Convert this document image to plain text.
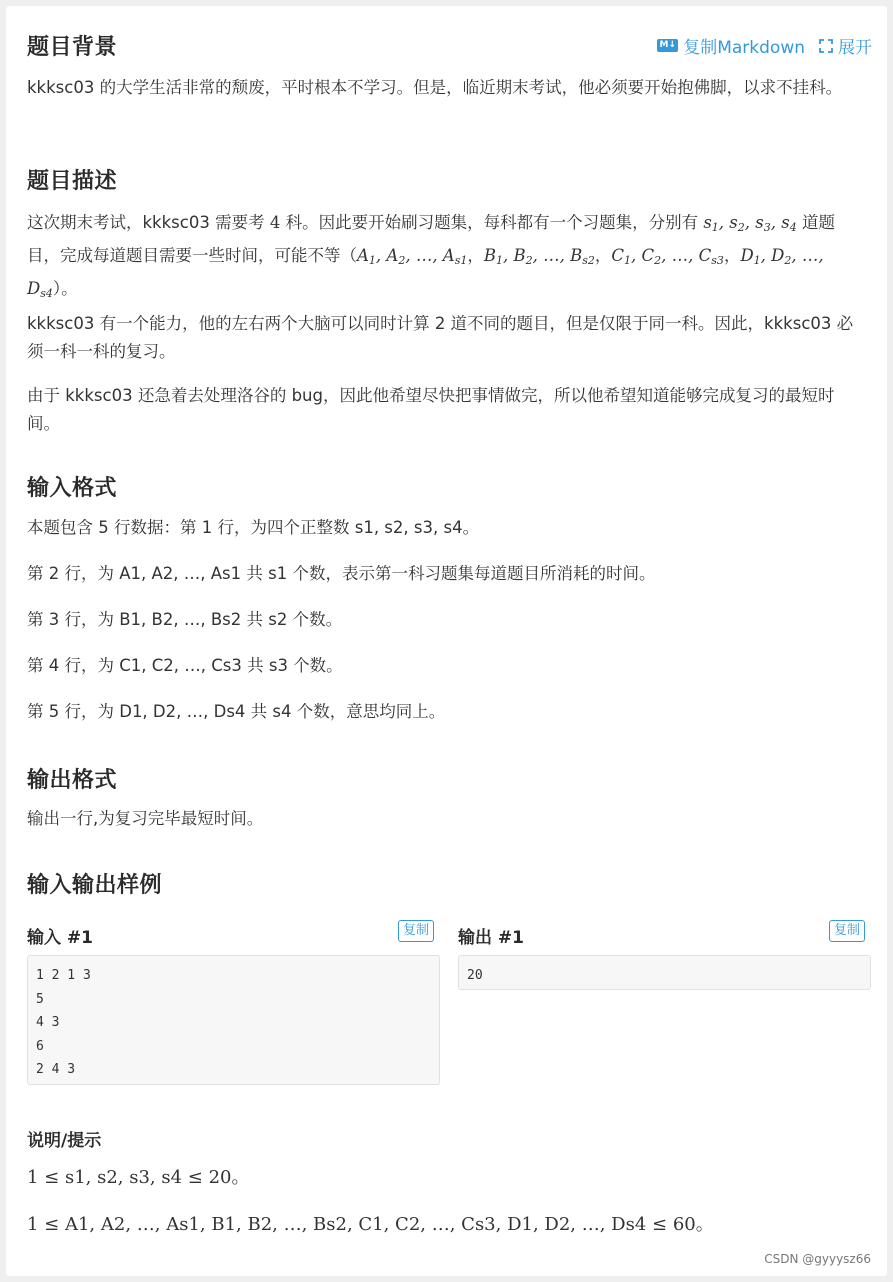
M↓ 复制Markdown 展开
题目背景

kkksc03 的大学生活非常的颓废，平时根本不学习。但是，临近期末考试，他必须要开始抱佛脚，以求不挂科。

题目描述

这次期末考试，kkksc03 需要考 4 科。因此要开始刷习题集，每科都有一个习题集，分别有 $s_1$, $s_2$, $s_3$, $s_4$ 道题目，完成每道题目需要一些时间，可能不等（$A_1$, $A_2$, …, $A_{s1}$，$B_1$, $B_2$, …, $B_{s2}$，$C_1$, $C_2$, …, $C_{s3}$，$D_1$, $D_2$, …, $D_{s4}$）。

kkksc03 有一个能力，他的左右两个大脑可以同时计算 2 道不同的题目，但是仅限于同一科。因此，kkksc03 必须一科一科的复习。

由于 kkksc03 还急着去处理洛谷的 bug，因此他希望尽快把事情做完，所以他希望知道能够完成复习的最短时间。

输入格式

本题包含 5 行数据：第 1 行，为四个正整数 s1, s2, s3, s4。

第 2 行，为 A1, A2, …, As1 共 s1 个数，表示第一科习题集每道题目所消耗的时间。

第 3 行，为 B1, B2, …, Bs2 共 s2 个数。

第 4 行，为 C1, C2, …, Cs3 共 s3 个数。

第 5 行，为 D1, D2, …, Ds4 共 s4 个数，意思均同上。

输出格式

输出一行,为复习完毕最短时间。

输入输出样例
输入 #1	复制
1 2 1 3
5
4 3
6
2 4 3
输出 #1	复制
20
说明/提示

1 ≤ s1, s2, s3, s4 ≤ 20。

1 ≤ A1, A2, …, As1, B1, B2, …, Bs2, C1, C2, …, Cs3, D1, D2, …, Ds4 ≤ 60。

CSDN @gyyysz66
